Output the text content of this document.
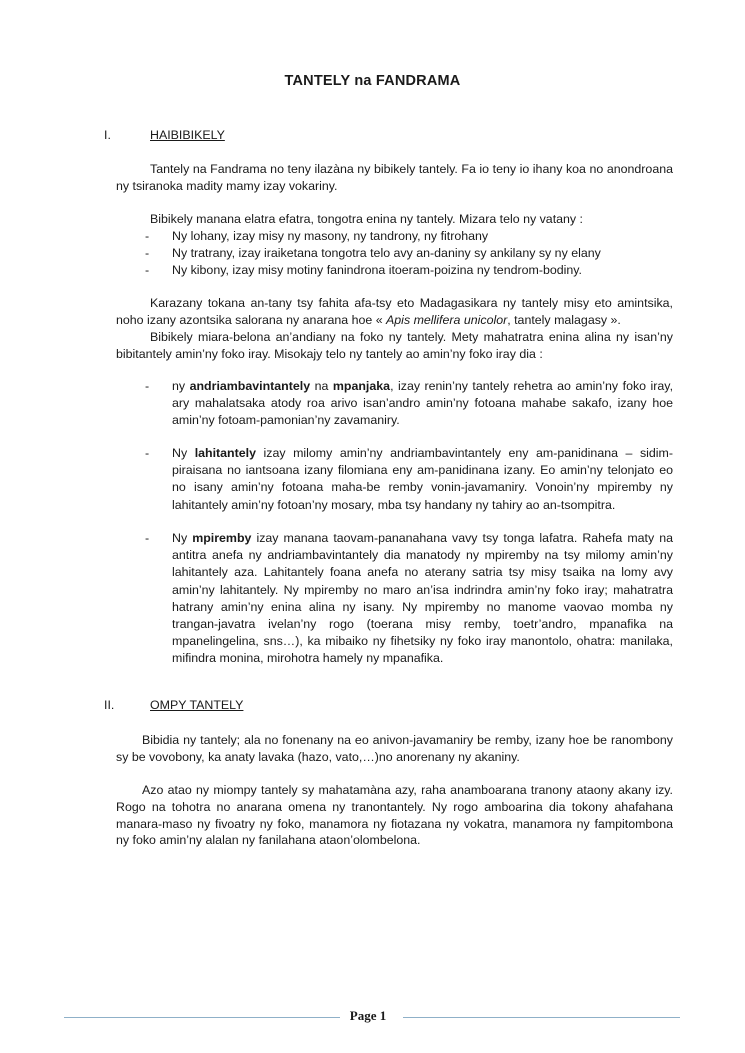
TANTELY na FANDRAMA
I.	HAIBIBIKELY

Tantely na Fandrama no teny ilazàna ny bibikely tantely. Fa io teny io ihany koa no anondroana ny tsiranoka madity mamy izay vokariny.

Bibikely manana elatra efatra, tongotra enina ny tantely. Mizara telo ny vatany :

- Ny lohany, izay misy ny masony, ny tandrony, ny fitrohany
- Ny tratrany, izay iraiketana tongotra telo avy an-daniny sy ankilany sy ny elany
- Ny kibony, izay misy motiny fanindrona itoeram-poizina ny tendrom-bodiny.

Karazany tokana an-tany tsy fahita afa-tsy eto Madagasikara ny tantely misy eto amintsika, noho izany azontsika salorana ny anarana hoe « Apis mellifera unicolor, tantely malagasy ».

Bibikely miara-belona an’andiany na foko ny tantely. Mety mahatratra enina alina ny isan’ny bibitantely amin’ny foko iray. Misokajy telo ny tantely ao amin’ny foko iray dia :

- ny andriambavintantely na mpanjaka, izay renin’ny tantely rehetra ao amin’ny foko iray, ary mahalatsaka atody roa arivo isan’andro amin’ny fotoana mahabe sakafo, izany hoe amin’ny fotoam-pamonian’ny zavamaniry.
- Ny lahitantely izay milomy amin’ny andriambavintantely eny am-panidinana – sidim-piraisana no iantsoana izany filomiana eny am-panidinana izany. Eo amin’ny telonjato eo no isany amin’ny fotoana maha-be remby vonin-javamaniry. Vonoin’ny mpiremby ny lahitantely amin’ny fotoan’ny mosary, mba tsy handany ny tahiry ao an-tsompitra.
- Ny mpiremby izay manana taovam-pananahana vavy tsy tonga lafatra. Rahefa maty na antitra anefa ny andriambavintantely dia manatody ny mpiremby na tsy milomy amin’ny lahitantely aza. Lahitantely foana anefa no aterany satria tsy misy tsaika na lomy avy amin’ny lahitantely. Ny mpiremby no maro an’isa indrindra amin’ny foko iray; mahatratra hatrany amin’ny enina alina ny isany. Ny mpiremby no manome vaovao momba ny trangan-javatra ivelan’ny rogo (toerana misy remby, toetr’andro, mpanafika na mpanelingelina, sns…), ka mibaiko ny fihetsiky ny foko iray manontolo, ohatra: manilaka, mifindra monina, mirohotra hamely ny mpanafika.
II.	OMPY TANTELY

Bibidia ny tantely; ala no fonenany na eo anivon-javamaniry be remby, izany hoe be ranombony sy be vovobony, ka anaty lavaka (hazo, vato,…)no anorenany ny akaniny.

Azo atao ny miompy tantely sy mahatamàna azy, raha anamboarana tranony ataony akany izy. Rogo na tohotra no anarana omena ny tranontantely. Ny rogo amboarina dia tokony ahafahana manara-maso ny fivoatry ny foko, manamora ny fiotazana ny vokatra, manamora ny fampitombona ny foko amin’ny alalan ny fanilahana ataon’olombelona.

Page 1
